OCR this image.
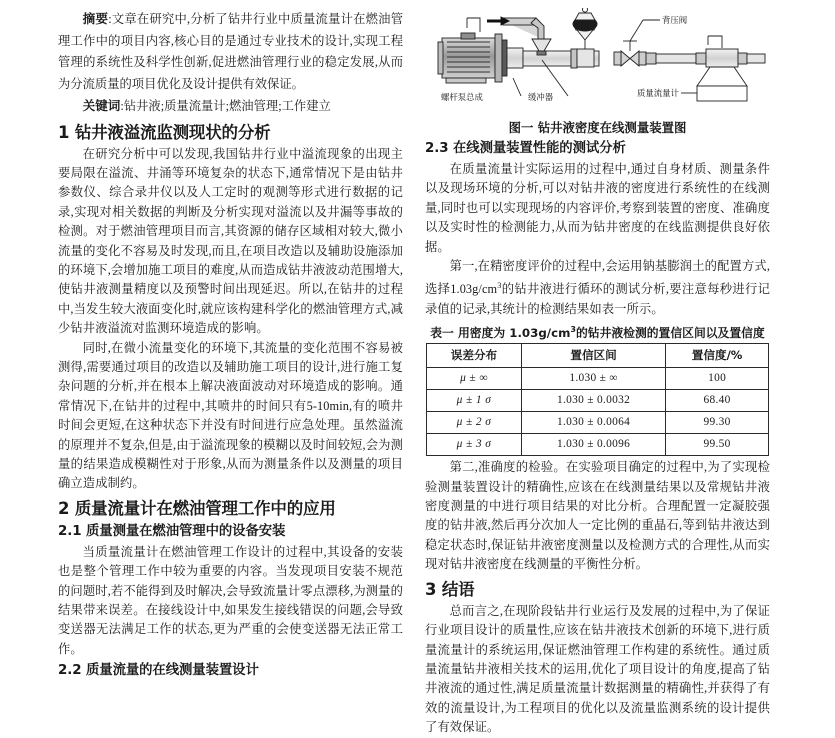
摘要:文章在研究中,分析了钻井行业中质量流量计在燃油管理工作中的项目内容,核心目的是通过专业技术的设计,实现工程管理的系统性及科学性创新,促进燃油管理行业的稳定发展,从而为分流质量的项目优化及设计提供有效保证。

关键词:钻井液;质量流量计;燃油管理;工作建立

1 钻井液溢流监测现状的分析

在研究分析中可以发现,我国钻井行业中溢流现象的出现主要局限在溢流、井涌等环境复杂的状态下,通常情况下是由钻井参数仪、综合录井仪以及人工定时的观测等形式进行数据的记录,实现对相关数据的判断及分析实现对溢流以及井漏等事故的检测。对于燃油管理项目而言,其资源的储存区域相对较大,微小流量的变化不容易及时发现,而且,在项目改造以及辅助设施添加的环境下,会增加施工项目的难度,从而造成钻井液波动范围增大,使钻井液测量精度以及预警时间出现延迟。所以,在钻井的过程中,当发生较大液面变化时,就应该构建科学化的燃油管理方式,减少钻井液溢流对监测环境造成的影响。

同时,在微小流量变化的环境下,其流量的变化范围不容易被测得,需要通过项目的改造以及辅助施工项目的设计,进行施工复杂问题的分析,并在根本上解决液面波动对环境造成的影响。通常情况下,在钻井的过程中,其喷井的时间只有5-10min,有的喷井时间会更短,在这种状态下并没有时间进行应急处理。虽然溢流的原理并不复杂,但是,由于溢流现象的模糊以及时间较短,会为测量的结果造成模糊性对于形象,从而为测量条件以及测量的项目确立造成制约。

2 质量流量计在燃油管理工作中的应用
2.1 质量测量在燃油管理中的设备安装

当质量流量计在燃油管理工作设计的过程中,其设备的安装也是整个管理工作中较为重要的内容。当发现项目安装不规范的问题时,若不能得到及时解决,会导致流量计零点漂移,为测量的结果带来误差。在接线设计中,如果发生接线错误的问题,会导致变送器无法满足工作的状态,更为严重的会使变送器无法正常工作。

2.2 质量流量的在线测量装置设计
螺杆泵总成	缓冲器
背压阀
质量流量计
图一 钻井液密度在线测量装置图
2.3 在线测量装置性能的测试分析

在质量流量计实际运用的过程中,通过自身材质、测量条件以及现场环境的分析,可以对钻井液的密度进行系统性的在线测量,同时也可以实现现场的内容评价,考察到装置的密度、准确度以及实时性的检测能力,从而为钻井密度的在线监测提供良好依据。

第一,在精密度评价的过程中,会运用钠基膨润土的配置方式,选择$1.03g/cm^3$的钻井液进行循环的测试分析,要注意每秒进行记录值的记录,其统计的检测结果如表一所示。

表一 用密度为 $1.03g/cm^3$的钻井液检测的置信区间以及置信度
误差分布	置信区间	置信度/%
μ ± ∞	1.030 ± ∞	100
μ ± 1 σ	1.030 ± 0.0032	68.40
μ ± 2 σ	1.030 ± 0.0064	99.30
μ ± 3 σ	1.030 ± 0.0096	99.50

第二,准确度的检验。在实验项目确定的过程中,为了实现检验测量装置设计的精确性,应该在在线测量结果以及常规钻井液密度测量的中进行项目结果的对比分析。合理配置一定凝胶强度的钻井液,然后再分次加人一定比例的重晶石,等到钻井液达到稳定状态时,保证钻井液密度测量以及检测方式的合理性,从而实现对钻井液密度在线测量的平衡性分析。

3 结语

总而言之,在现阶段钻井行业运行及发展的过程中,为了保证行业项目设计的质量性,应该在钻井液技术创新的环境下,进行质量流量计的系统运用,保证燃油管理工作构建的系统性。通过质量流量钻井液相关技术的运用,优化了项目设计的角度,提高了钻井液流的通过性,满足质量流量计数据测量的精确性,并获得了有效的流量设计,为工程项目的优化以及流量监测系统的设计提供了有效保证。
